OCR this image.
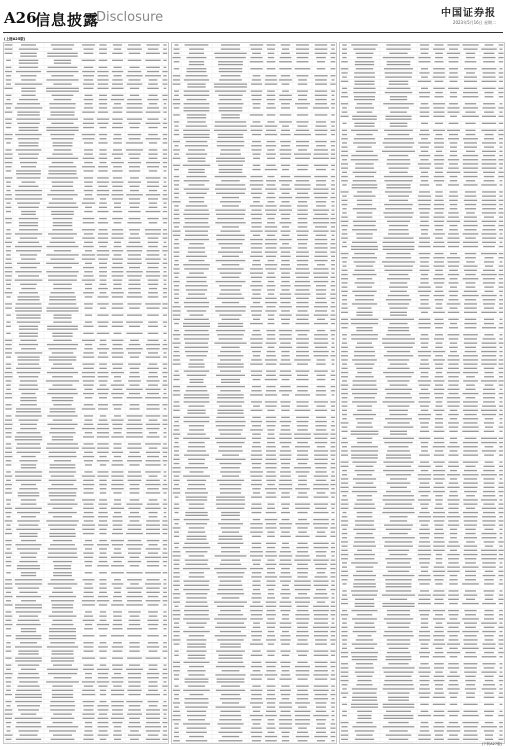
A26
信息披露
Disclosure	中国证券报
2023年5月16日 星期二
(上接A25版)
(下转A27版)
